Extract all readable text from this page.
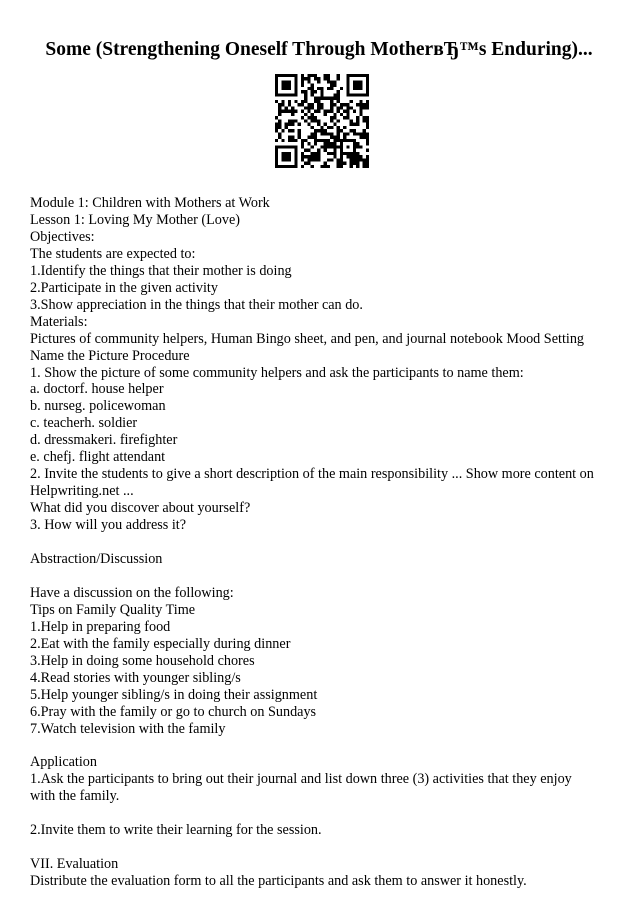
Some (Strengthening Oneself Through MotherвЂ™s Enduring)...
Module 1: Children with Mothers at Work
Lesson 1: Loving My Mother (Love)
Objectives:
The students are expected to:
1.Identify the things that their mother is doing
2.Participate in the given activity
3.Show appreciation in the things that their mother can do.
Materials:
Pictures of community helpers, Human Bingo sheet, and pen, and journal notebook Mood Setting
Name the Picture Procedure
1. Show the picture of some community helpers and ask the participants to name them:
a. doctorf. house helper
b. nurseg. policewoman
c. teacherh. soldier
d. dressmakeri. firefighter
e. chefj. flight attendant
2. Invite the students to give a short description of the main responsibility ... Show more content on
Helpwriting.net ...
What did you discover about yourself?
3. How will you address it?
Abstraction/Discussion
Have a discussion on the following:
Tips on Family Quality Time
1.Help in preparing food
2.Eat with the family especially during dinner
3.Help in doing some household chores
4.Read stories with younger sibling/s
5.Help younger sibling/s in doing their assignment
6.Pray with the family or go to church on Sundays
7.Watch television with the family
Application
1.Ask the participants to bring out their journal and list down three (3) activities that they enjoy
with the family.
2.Invite them to write their learning for the session.
VII. Evaluation
Distribute the evaluation form to all the participants and ask them to answer it honestly.
